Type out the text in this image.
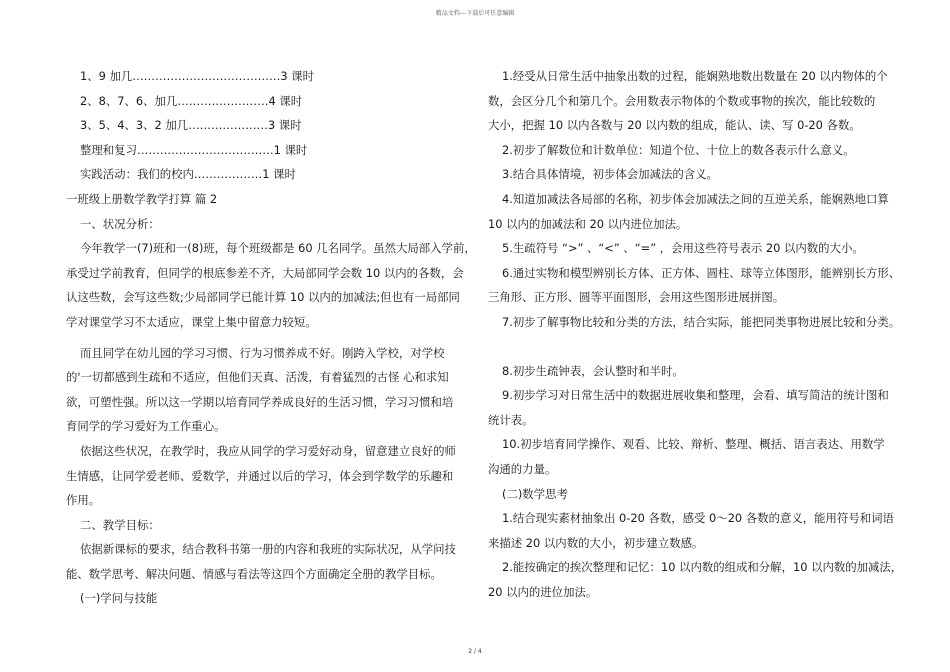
精品文档---下载后可任意编辑
1、9 加几…………………………………3 课时
2、8、7、6、加几……………………4 课时
3、5、4、3、2 加几…………………3 课时
整理和复习………………………………1 课时
实践活动：我们的校内………………1 课时
一班级上册数学教学打算 篇 2
一、状况分析：
今年教学一(7)班和一(8)班，每个班级都是 60 几名同学。虽然大局部入学前，
承受过学前教育，但同学的根底参差不齐，大局部同学会数 10 以内的各数，会
认这些数，会写这些数;少局部同学已能计算 10 以内的加减法;但也有一局部同
学对课堂学习不太适应，课堂上集中留意力较短。
而且同学在幼儿园的学习习惯、行为习惯养成不好。刚跨入学校，对学校
的'一切都感到生疏和不适应，但他们天真、活泼，有着猛烈的古怪 心和求知
欲，可塑性强。所以这一学期以培育同学养成良好的生活习惯，学习习惯和培
育同学的学习爱好为工作重心。
依据这些状况，在教学时，我应从同学的学习爱好动身，留意建立良好的师
生情感，让同学爱老师、爱数学，并通过以后的学习，体会到学数学的乐趣和
作用。
二、教学目标：
依据新课标的要求，结合教科书第一册的内容和我班的实际状况，从学问技
能、数学思考、解决问题、情感与看法等这四个方面确定全册的教学目标。
(一)学问与技能
1.经受从日常生活中抽象出数的过程，能娴熟地数出数量在 20 以内物体的个
数，会区分几个和第几个。会用数表示物体的个数或事物的挨次，能比较数的
大小，把握 10 以内各数与 20 以内数的组成，能认、读、写 0-20 各数。
2.初步了解数位和计数单位：知道个位、十位上的数各表示什么意义。
3.结合具体情境，初步体会加减法的含义。
4.知道加减法各局部的名称，初步体会加减法之间的互逆关系，能娴熟地口算
10 以内的加减法和 20 以内进位加法。
5.生疏符号 “>” 、“<” 、“=” ，会用这些符号表示 20 以内数的大小。
6.通过实物和模型辨别长方体、正方体、圆柱、球等立体图形，能辨别长方形、
三角形、正方形、圆等平面图形，会用这些图形进展拼图。
7.初步了解事物比较和分类的方法，结合实际，能把同类事物进展比较和分类。
8.初步生疏钟表，会认整时和半时。
9.初步学习对日常生活中的数据进展收集和整理，会看、填写简洁的统计图和
统计表。
10.初步培育同学操作、观看、比较、辩析、整理、概括、语言表达、用数学
沟通的力量。
(二)数学思考
1.结合现实素材抽象出 0-20 各数，感受 0～20 各数的意义，能用符号和词语
来描述 20 以内数的大小，初步建立数感。
2.能按确定的挨次整理和记忆：10 以内数的组成和分解，10 以内数的加减法，
20 以内的进位加法。
2 / 4
